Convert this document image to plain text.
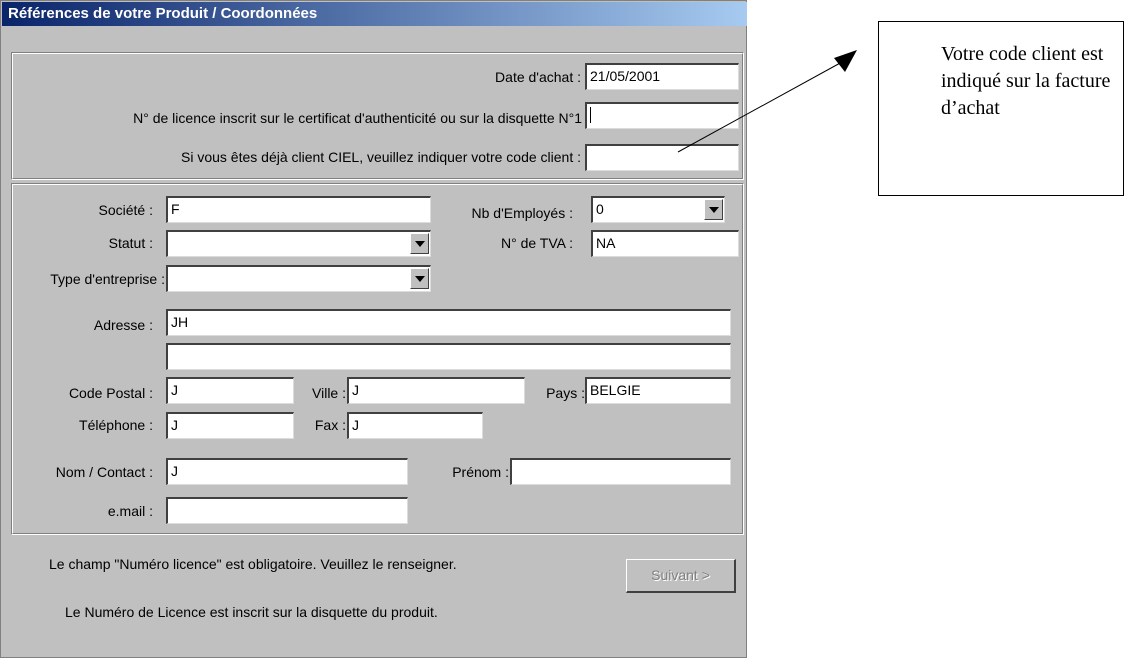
Références de votre Produit / Coordonnées
Date d'achat : 21/05/2001
N° de licence inscrit sur le certificat d'authenticité ou sur la disquette N°1
Si vous êtes déjà client CIEL, veuillez indiquer votre code client :
Société :	F	Nb d'Employés : 0
Statut :	N° de TVA :	NA
Type d'entreprise :
Adresse :	JH
Code Postal :	J	Ville : J	Pays : BELGIE
Téléphone :	J	Fax : J
Nom / Contact :	J	Prénom :
e.mail :
Le champ "Numéro licence" est obligatoire. Veuillez le renseigner.
Le Numéro de Licence est inscrit sur la disquette du produit.
Suivant >
Votre code client est indiqué sur la facture d’achat
